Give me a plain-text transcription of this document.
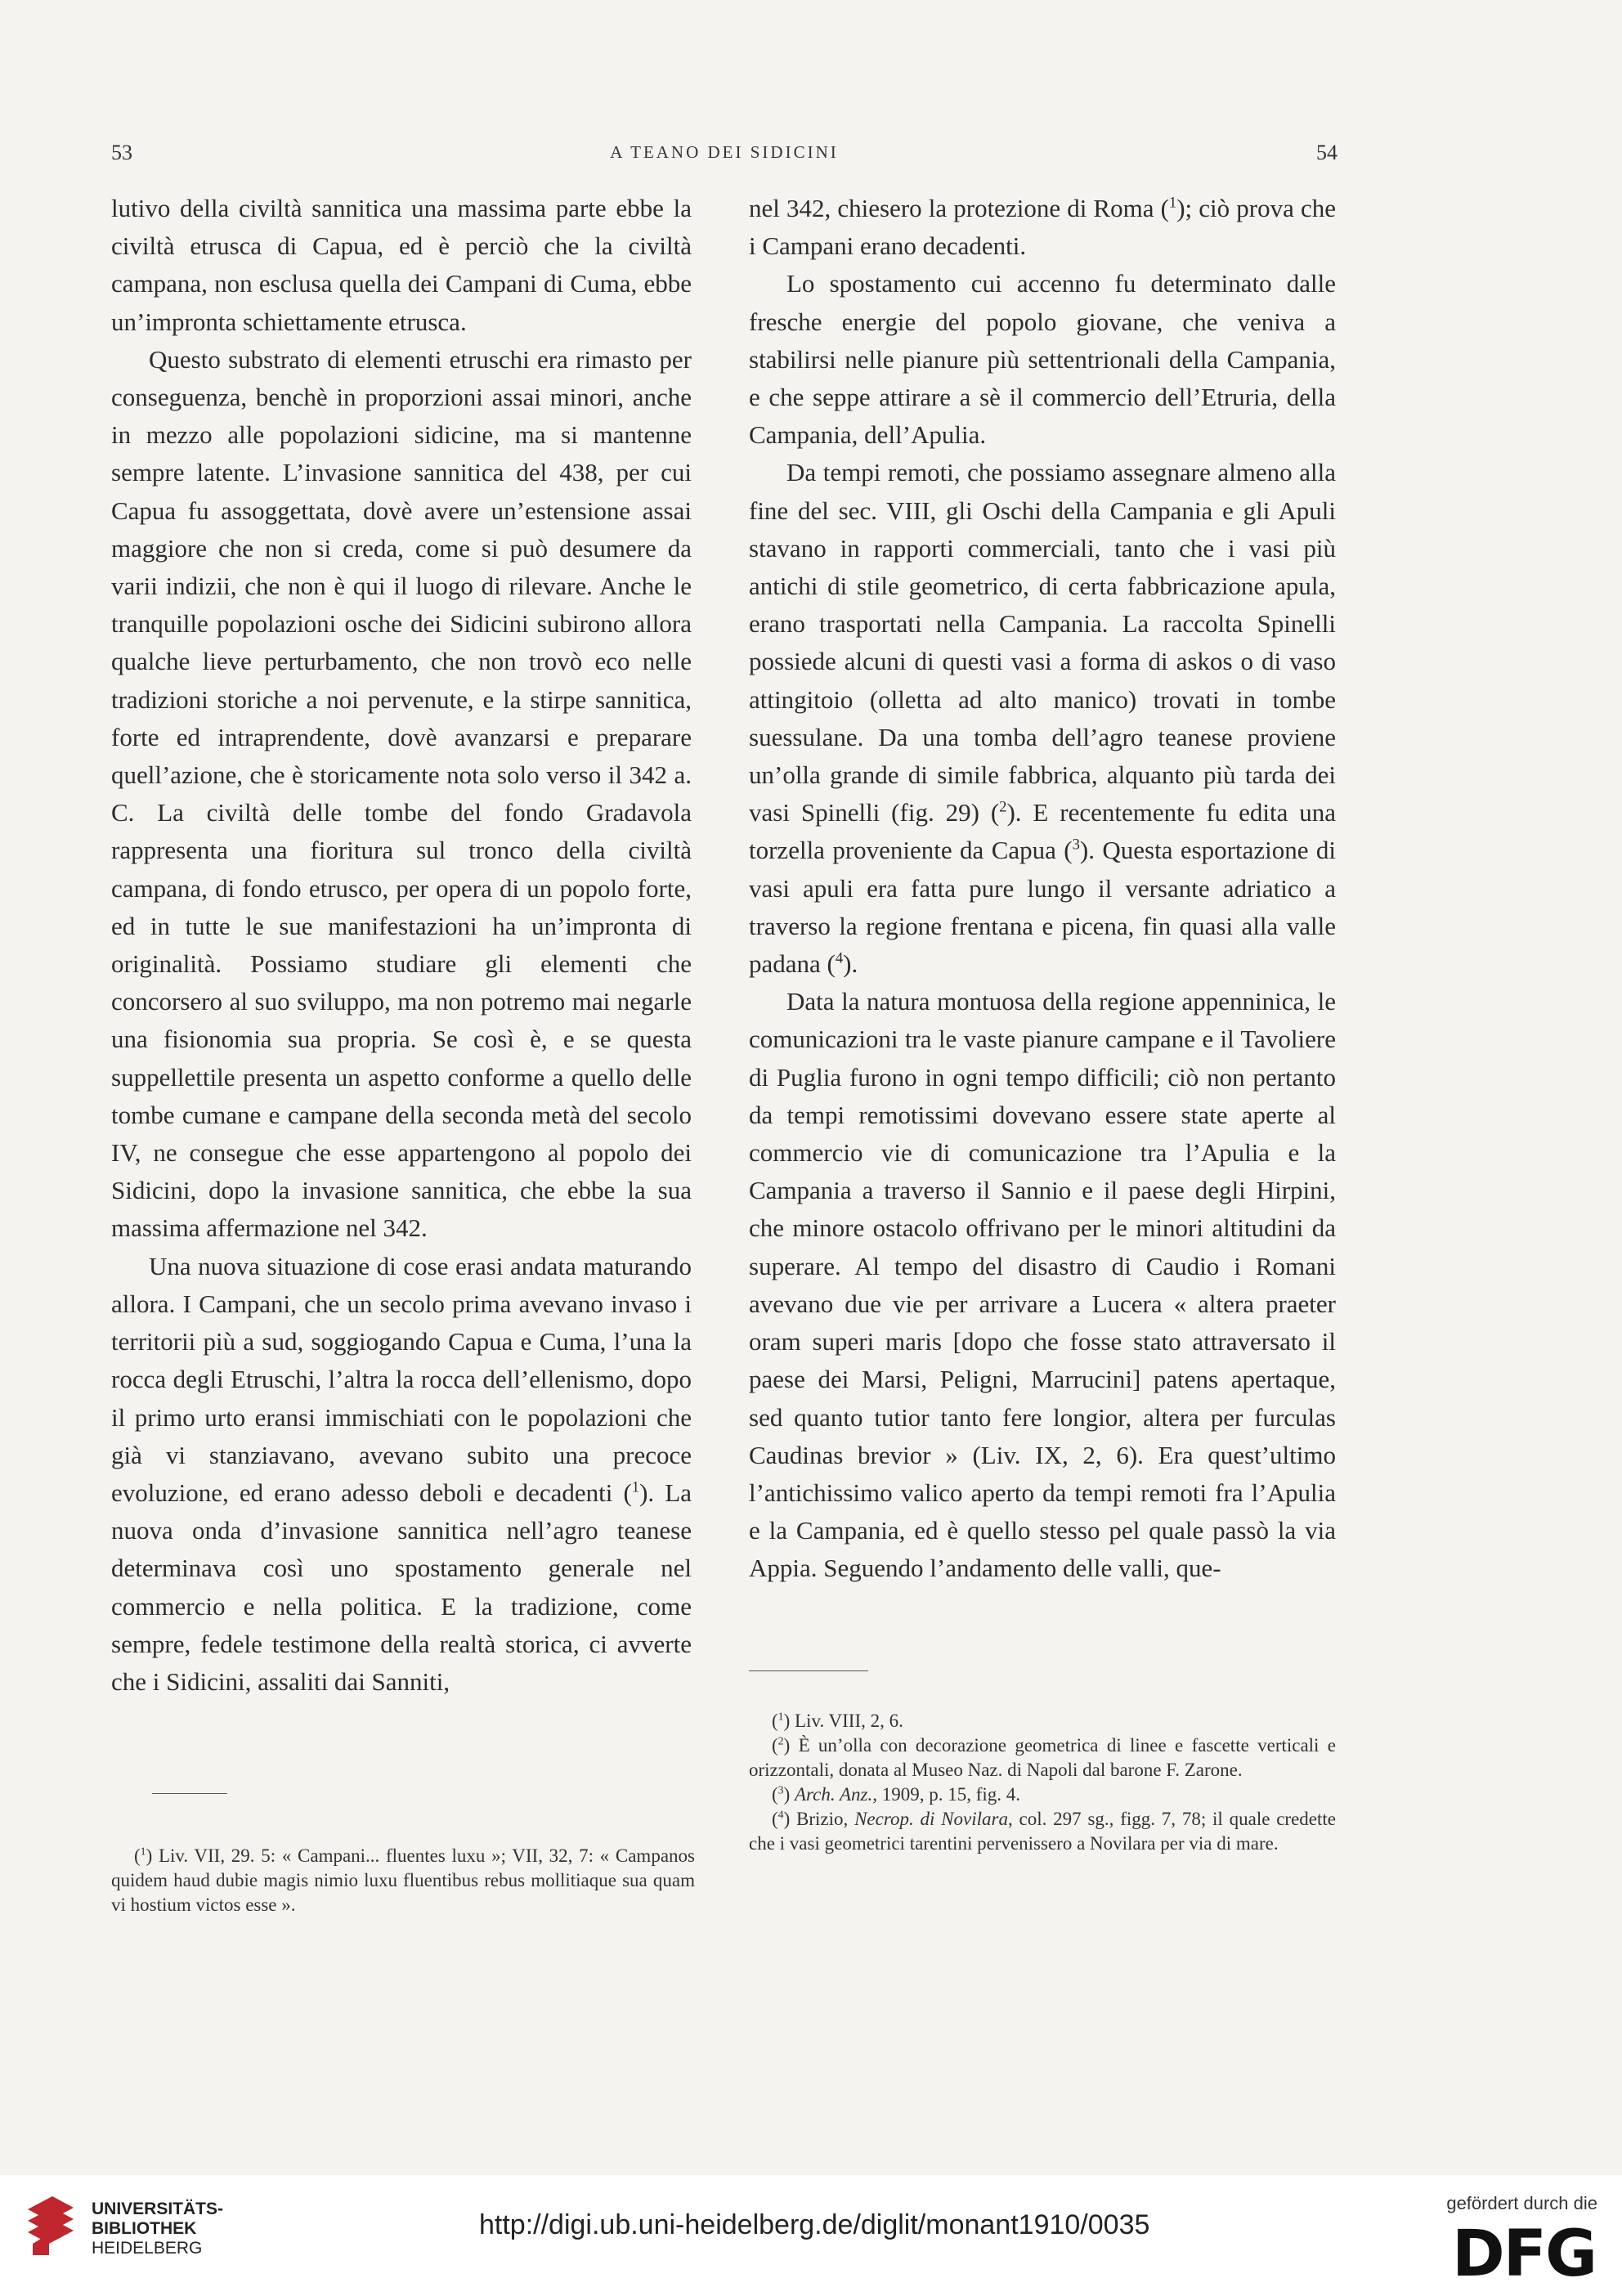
53	A TEANO DEI SIDICINI	54

lutivo della civiltà sannitica una massima parte ebbe la civiltà etrusca di Capua, ed è perciò che la civiltà campana, non esclusa quella dei Campani di Cuma, ebbe un’impronta schiettamente etrusca.

Questo substrato di elementi etruschi era rimasto per conseguenza, benchè in proporzioni assai minori, anche in mezzo alle popolazioni sidicine, ma si mantenne sempre latente. L’invasione sannitica del 438, per cui Capua fu assoggettata, dovè avere un’estensione assai maggiore che non si creda, come si può desumere da varii indizii, che non è qui il luogo di rilevare. Anche le tranquille popolazioni osche dei Sidicini subirono allora qualche lieve perturbamento, che non trovò eco nelle tradizioni storiche a noi pervenute, e la stirpe sannitica, forte ed intraprendente, dovè avanzarsi e preparare quell’azione, che è storicamente nota solo verso il 342 a. C. La civiltà delle tombe del fondo Gradavola rappresenta una fioritura sul tronco della civiltà campana, di fondo etrusco, per opera di un popolo forte, ed in tutte le sue manifestazioni ha un’impronta di originalità. Possiamo studiare gli elementi che concorsero al suo sviluppo, ma non potremo mai negarle una fisionomia sua propria. Se così è, e se questa suppellettile presenta un aspetto conforme a quello delle tombe cumane e campane della seconda metà del secolo IV, ne consegue che esse appartengono al popolo dei Sidicini, dopo la invasione sannitica, che ebbe la sua massima affermazione nel 342.

Una nuova situazione di cose erasi andata maturando allora. I Campani, che un secolo prima avevano invaso i territorii più a sud, soggiogando Capua e Cuma, l’una la rocca degli Etruschi, l’altra la rocca dell’ellenismo, dopo il primo urto eransi immischiati con le popolazioni che già vi stanziavano, avevano subito una precoce evoluzione, ed erano adesso deboli e decadenti ($^1$). La nuova onda d’invasione sannitica nell’agro teanese determinava così uno spostamento generale nel commercio e nella politica. E la tradizione, come sempre, fedele testimone della realtà storica, ci avverte che i Sidicini, assaliti dai Sanniti,

($^1$) Liv. VII, 29. 5: « Campani... fluentes luxu »; VII, 32, 7: « Campanos quidem haud dubie magis nimio luxu fluentibus rebus mollitiaque sua quam vi hostium victos esse ».

nel 342, chiesero la protezione di Roma ($^1$); ciò prova che i Campani erano decadenti.

Lo spostamento cui accenno fu determinato dalle fresche energie del popolo giovane, che veniva a stabilirsi nelle pianure più settentrionali della Campania, e che seppe attirare a sè il commercio dell’Etruria, della Campania, dell’Apulia.

Da tempi remoti, che possiamo assegnare almeno alla fine del sec. VIII, gli Oschi della Campania e gli Apuli stavano in rapporti commerciali, tanto che i vasi più antichi di stile geometrico, di certa fabbricazione apula, erano trasportati nella Campania. La raccolta Spinelli possiede alcuni di questi vasi a forma di askos o di vaso attingitoio (olletta ad alto manico) trovati in tombe suessulane. Da una tomba dell’agro teanese proviene un’olla grande di simile fabbrica, alquanto più tarda dei vasi Spinelli (fig. 29) ($^2$). E recentemente fu edita una torzella proveniente da Capua ($^3$). Questa esportazione di vasi apuli era fatta pure lungo il versante adriatico a traverso la regione frentana e picena, fin quasi alla valle padana ($^4$).

Data la natura montuosa della regione appenninica, le comunicazioni tra le vaste pianure campane e il Tavoliere di Puglia furono in ogni tempo difficili; ciò non pertanto da tempi remotissimi dovevano essere state aperte al commercio vie di comunicazione tra l’Apulia e la Campania a traverso il Sannio e il paese degli Hirpini, che minore ostacolo offrivano per le minori altitudini da superare. Al tempo del disastro di Caudio i Romani avevano due vie per arrivare a Lucera « altera praeter oram superi maris [dopo che fosse stato attraversato il paese dei Marsi, Peligni, Marrucini] patens apertaque, sed quanto tutior tanto fere longior, altera per furculas Caudinas brevior » (Liv. IX, 2, 6). Era quest’ultimo l’antichissimo valico aperto da tempi remoti fra l’Apulia e la Campania, ed è quello stesso pel quale passò la via Appia. Seguendo l’andamento delle valli, que-

($^1$) Liv. VIII, 2, 6.

($^2$) È un’olla con decorazione geometrica di linee e fascette verticali e orizzontali, donata al Museo Naz. di Napoli dal barone F. Zarone.

($^3$) Arch. Anz., 1909, p. 15, fig. 4.

($^4$) Brizio, Necrop. di Novilara, col. 297 sg., figg. 7, 78; il quale credette che i vasi geometrici tarentini pervenissero a Novilara per via di mare.

UNIVERSITÄTS-
BIBLIOTHEK
HEIDELBERG
http://digi.ub.uni-heidelberg.de/diglit/monant1910/0035
gefördert durch die
DFG
